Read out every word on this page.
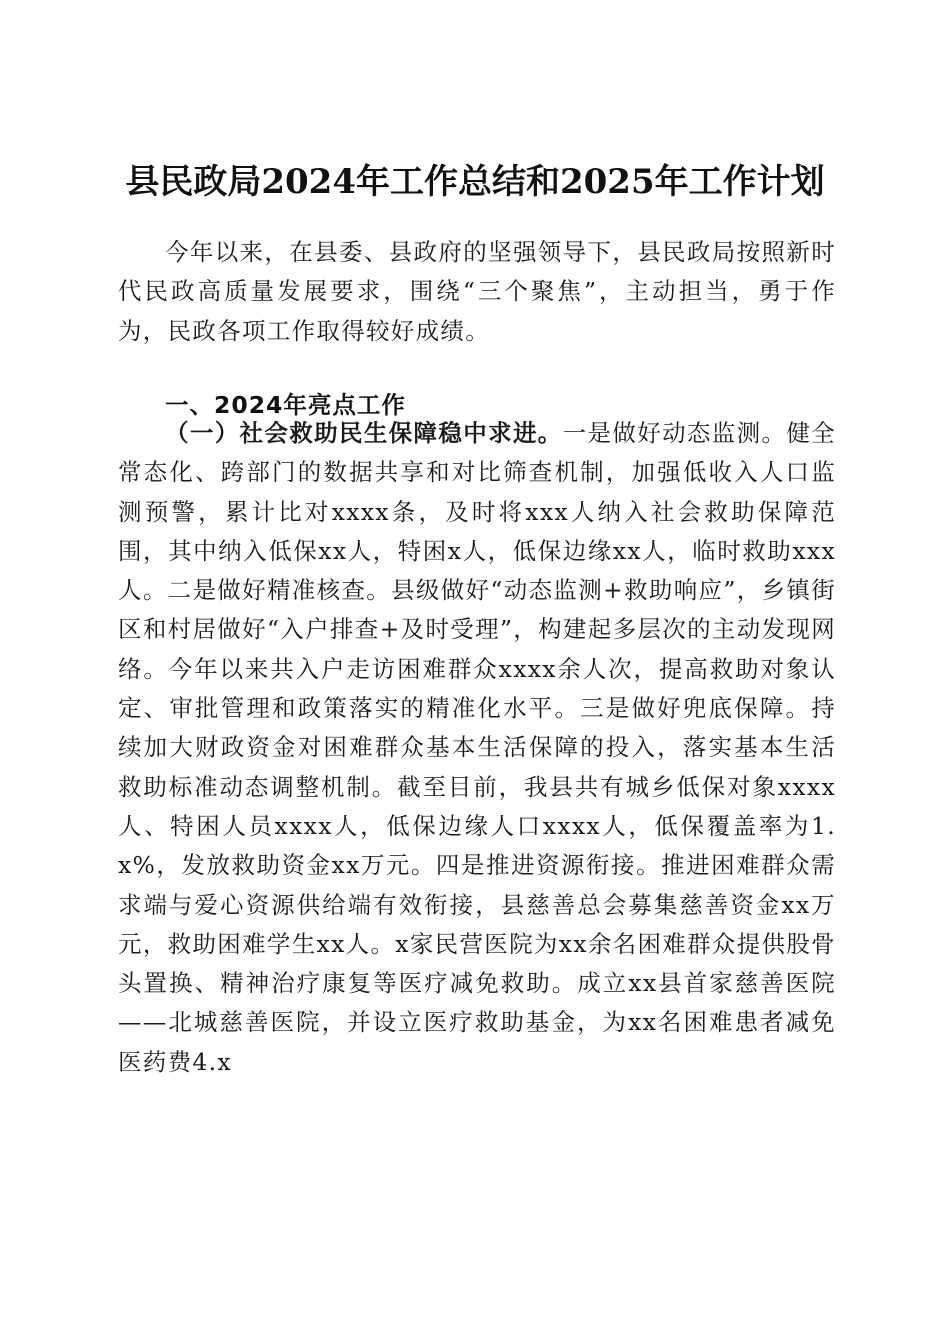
县民政局2024年工作总结和2025年工作计划

今年以来，在县委、县政府的坚强领导下，县民政局按照新时代民政高质量发展要求，围绕“三个聚焦”，主动担当，勇于作为，民政各项工作取得较好成绩。

一、2024年亮点工作

（一）社会救助民生保障稳中求进。一是做好动态监测。健全常态化、跨部门的数据共享和对比筛查机制，加强低收入人口监测预警，累计比对xxxx条，及时将xxx人纳入社会救助保障范围，其中纳入低保xx人，特困x人，低保边缘xx人，临时救助xxx人。二是做好精准核查。县级做好“动态监测+救助响应”，乡镇街区和村居做好“入户排查+及时受理”，构建起多层次的主动发现网络。今年以来共入户走访困难群众xxxx余人次，提高救助对象认定、审批管理和政策落实的精准化水平。三是做好兜底保障。持续加大财政资金对困难群众基本生活保障的投入，落实基本生活救助标准动态调整机制。截至目前，我县共有城乡低保对象xxxx人、特困人员xxxx人，低保边缘人口xxxx人，低保覆盖率为1.x%，发放救助资金xx万元。四是推进资源衔接。推进困难群众需求端与爱心资源供给端有效衔接，县慈善总会募集慈善资金xx万元，救助困难学生xx人。x家民营医院为xx余名困难群众提供股骨头置换、精神治疗康复等医疗减免救助。成立xx县首家慈善医院——北城慈善医院，并设立医疗救助基金，为xx名困难患者减免医药费4.x
